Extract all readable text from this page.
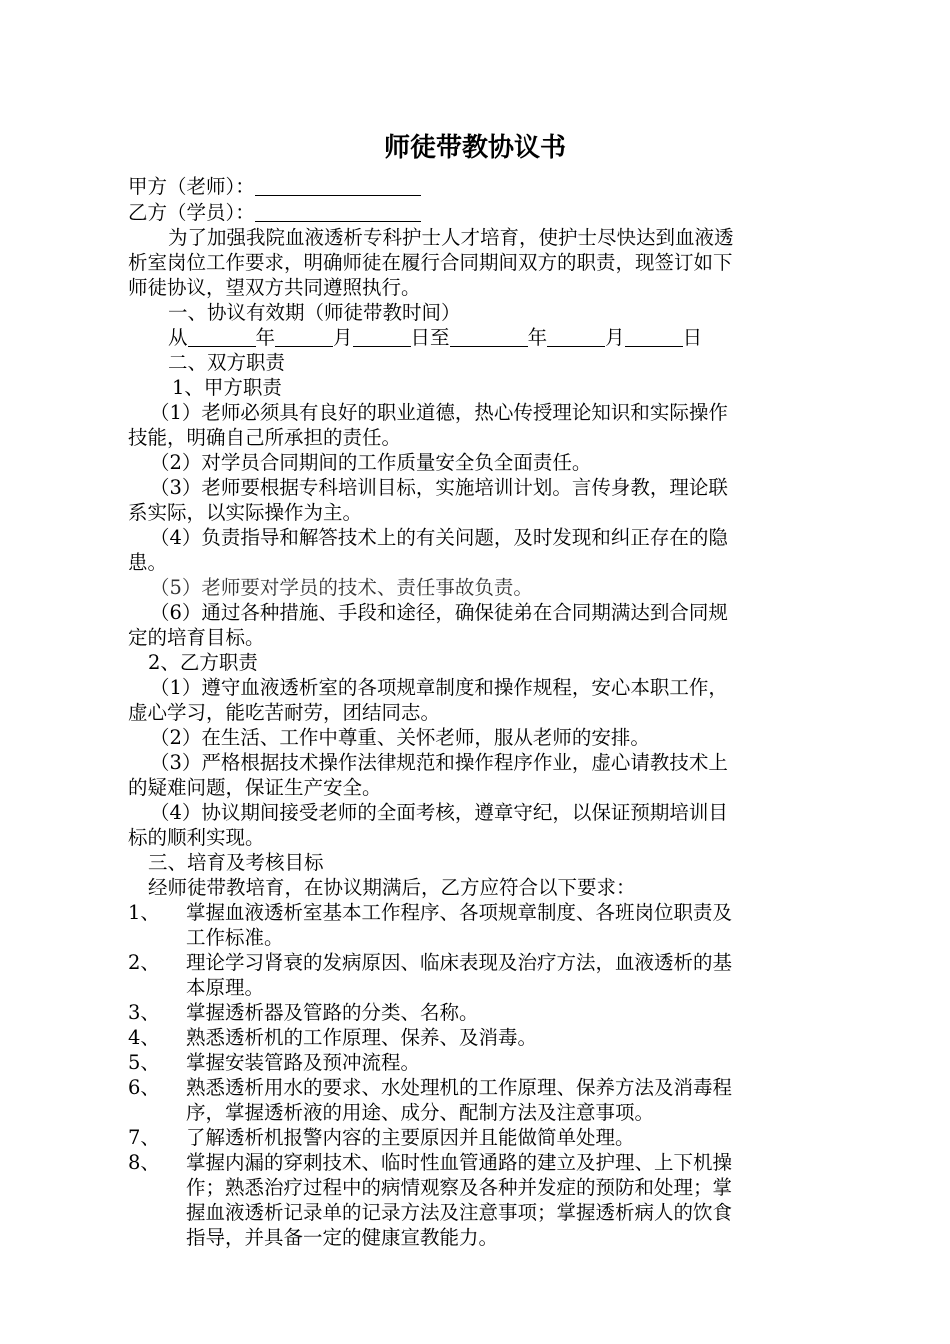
师徒带教协议书
甲方（老师）：
乙方（学员）：
为了加强我院血液透析专科护士人才培育，使护士尽快达到血液透
析室岗位工作要求，明确师徒在履行合同期间双方的职责，现签订如下
师徒协议，望双方共同遵照执行。
一、协议有效期（师徒带教时间）
从	年	月	日至	年	月	日
二、双方职责
1、甲方职责
（1）老师必须具有良好的职业道德，热心传授理论知识和实际操作
技能，明确自己所承担的责任。
（2）对学员合同期间的工作质量安全负全面责任。
（3）老师要根据专科培训目标，实施培训计划。言传身教，理论联
系实际，以实际操作为主。
（4）负责指导和解答技术上的有关问题，及时发现和纠正存在的隐
患。
（5）老师要对学员的技术、责任事故负责。
（6）通过各种措施、手段和途径，确保徒弟在合同期满达到合同规
定的培育目标。
2、乙方职责
（1）遵守血液透析室的各项规章制度和操作规程，安心本职工作，
虚心学习，能吃苦耐劳，团结同志。
（2）在生活、工作中尊重、关怀老师，服从老师的安排。
（3）严格根据技术操作法律规范和操作程序作业，虚心请教技术上
的疑难问题，保证生产安全。
（4）协议期间接受老师的全面考核，遵章守纪，以保证预期培训目
标的顺利实现。
三、培育及考核目标
经师徒带教培育，在协议期满后，乙方应符合以下要求：
1、 掌握血液透析室基本工作程序、各项规章制度、各班岗位职责及
工作标准。
2、 理论学习肾衰的发病原因、临床表现及治疗方法，血液透析的基
本原理。
3、 掌握透析器及管路的分类、名称。
4、 熟悉透析机的工作原理、保养、及消毒。
5、 掌握安装管路及预冲流程。
6、 熟悉透析用水的要求、水处理机的工作原理、保养方法及消毒程
序，掌握透析液的用途、成分、配制方法及注意事项。
7、 了解透析机报警内容的主要原因并且能做简单处理。
8、 掌握内漏的穿刺技术、临时性血管通路的建立及护理、上下机操
作；熟悉治疗过程中的病情观察及各种并发症的预防和处理；掌
握血液透析记录单的记录方法及注意事项；掌握透析病人的饮食
指导，并具备一定的健康宣教能力。
